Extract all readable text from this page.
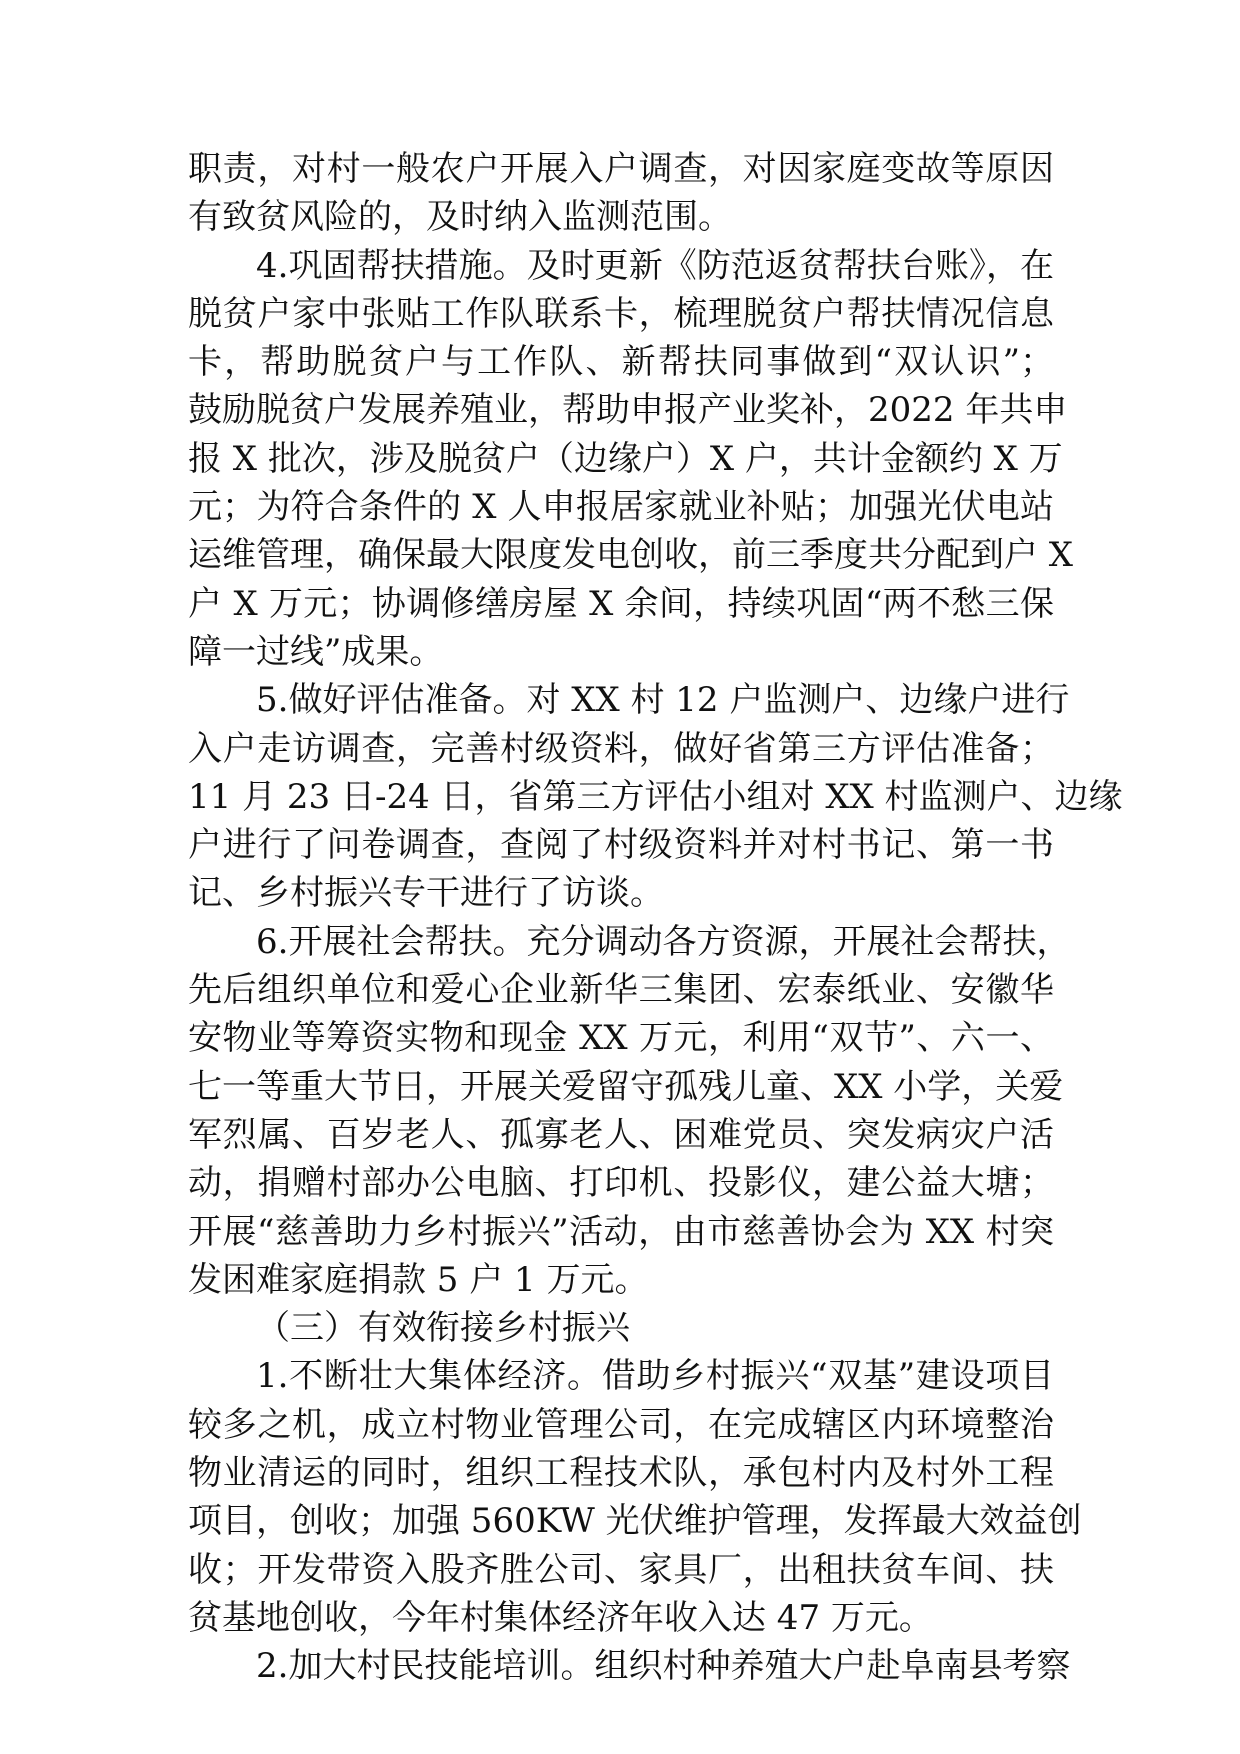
职责，对村一般农户开展入户调查，对因家庭变故等原因
有致贫风险的，及时纳入监测范围。
4.巩固帮扶措施。及时更新《防范返贫帮扶台账》，在
脱贫户家中张贴工作队联系卡，梳理脱贫户帮扶情况信息
卡，帮助脱贫户与工作队、新帮扶同事做到“双认识”；
鼓励脱贫户发展养殖业，帮助申报产业奖补，2022 年共申
报 X 批次，涉及脱贫户（边缘户）X 户，共计金额约 X 万
元；为符合条件的 X 人申报居家就业补贴；加强光伏电站
运维管理，确保最大限度发电创收，前三季度共分配到户 X
户 X 万元；协调修缮房屋 X 余间，持续巩固“两不愁三保
障一过线”成果。
5.做好评估准备。对 XX 村 12 户监测户、边缘户进行
入户走访调查，完善村级资料，做好省第三方评估准备；
11 月 23 日-24 日，省第三方评估小组对 XX 村监测户、边缘
户进行了问卷调查，查阅了村级资料并对村书记、第一书
记、乡村振兴专干进行了访谈。
6.开展社会帮扶。充分调动各方资源，开展社会帮扶，
先后组织单位和爱心企业新华三集团、宏泰纸业、安徽华
安物业等筹资实物和现金 XX 万元，利用“双节”、六一、
七一等重大节日，开展关爱留守孤残儿童、XX 小学，关爱
军烈属、百岁老人、孤寡老人、困难党员、突发病灾户活
动，捐赠村部办公电脑、打印机、投影仪，建公益大塘；
开展“慈善助力乡村振兴”活动，由市慈善协会为 XX 村突
发困难家庭捐款 5 户 1 万元。
（三）有效衔接乡村振兴
1.不断壮大集体经济。借助乡村振兴“双基”建设项目
较多之机，成立村物业管理公司，在完成辖区内环境整治
物业清运的同时，组织工程技术队，承包村内及村外工程
项目，创收；加强 560KW 光伏维护管理，发挥最大效益创
收；开发带资入股齐胜公司、家具厂，出租扶贫车间、扶
贫基地创收，今年村集体经济年收入达 47 万元。
2.加大村民技能培训。组织村种养殖大户赴阜南县考察
